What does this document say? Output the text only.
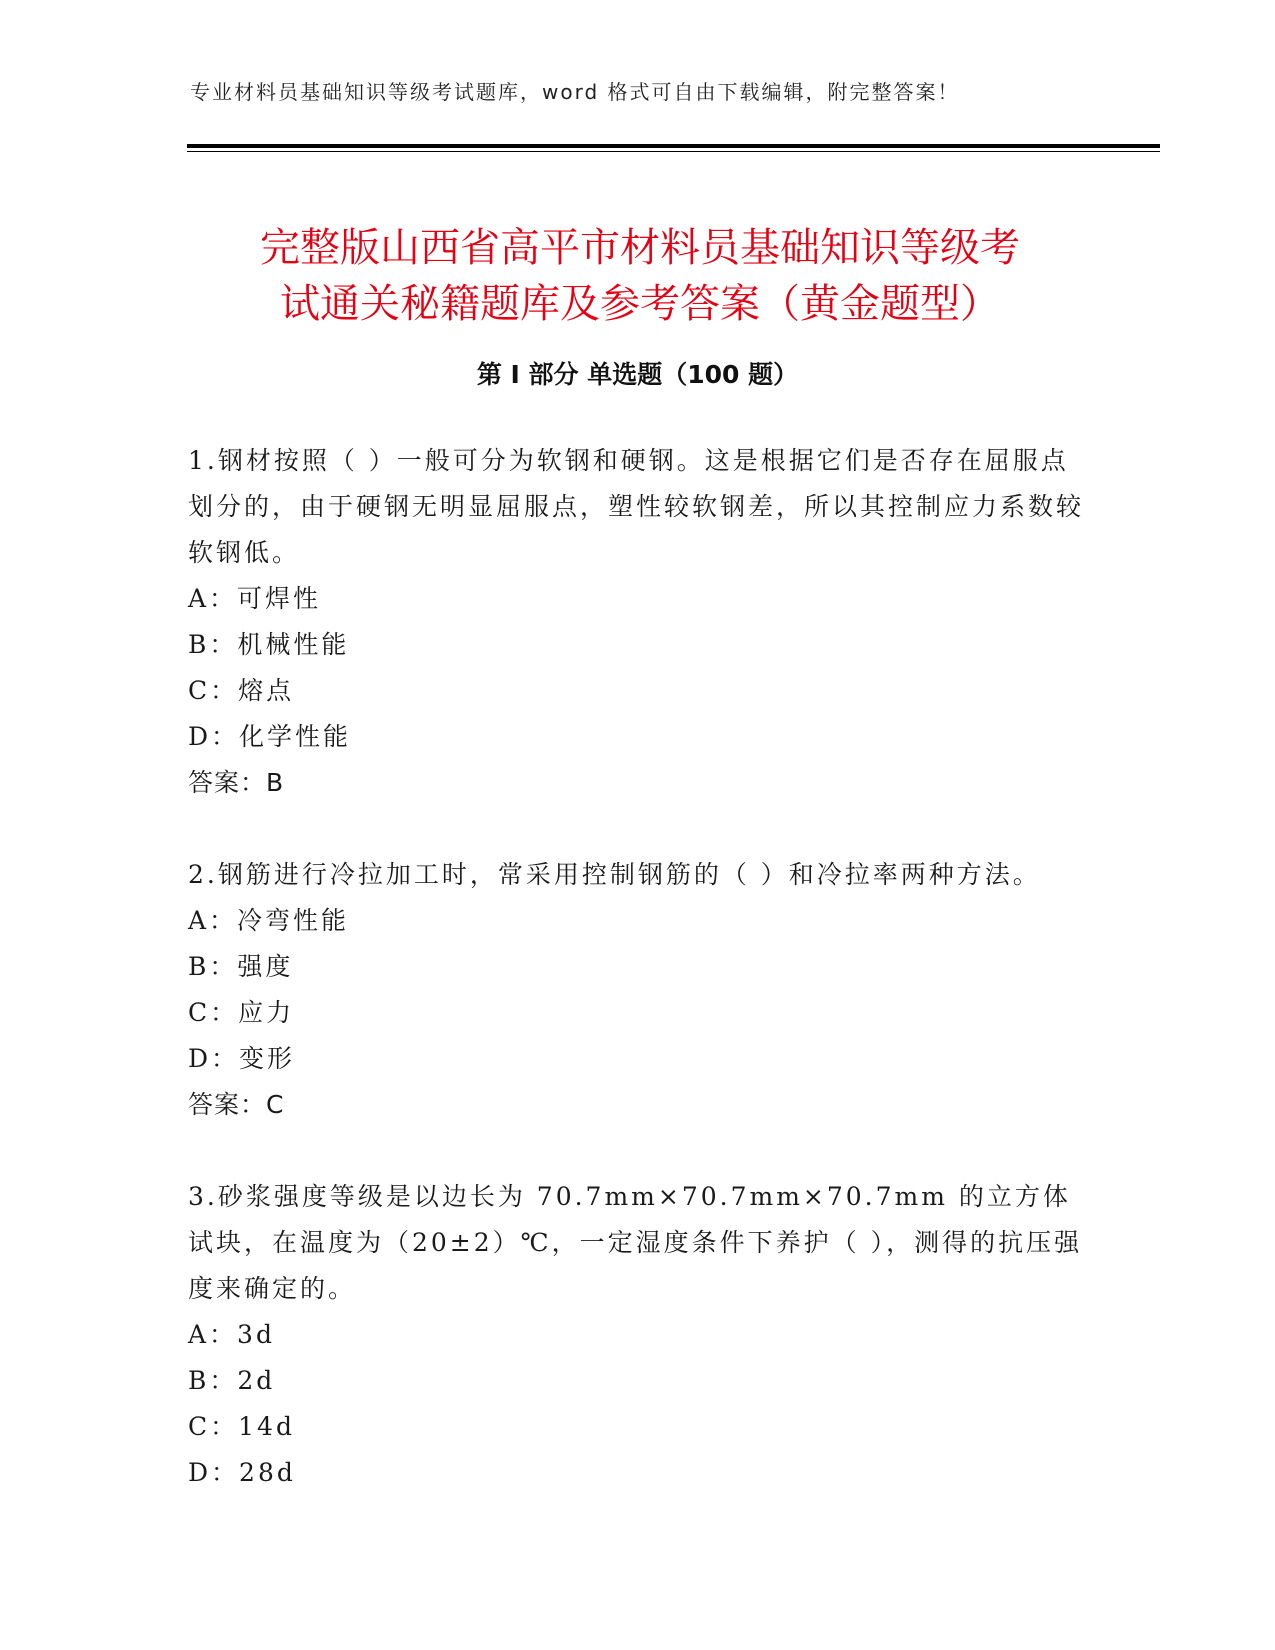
专业材料员基础知识等级考试题库，word 格式可自由下载编辑，附完整答案！
完整版山西省高平市材料员基础知识等级考
试通关秘籍题库及参考答案（黄金题型）
第 I 部分 单选题（100 题）

1.钢材按照（ ）一般可分为软钢和硬钢。这是根据它们是否存在屈服点划分的，由于硬钢无明显屈服点，塑性较软钢差，所以其控制应力系数较软钢低。

A：可焊性
B：机械性能
C：熔点
D：化学性能
答案：B

2.钢筋进行冷拉加工时，常采用控制钢筋的（ ）和冷拉率两种方法。

A：冷弯性能
B：强度
C：应力
D：变形
答案：C

3.砂浆强度等级是以边长为 70.7mm×70.7mm×70.7mm 的立方体试块，在温度为（20±2）℃，一定湿度条件下养护（ ），测得的抗压强度来确定的。

A：3d
B：2d
C：14d
D：28d
